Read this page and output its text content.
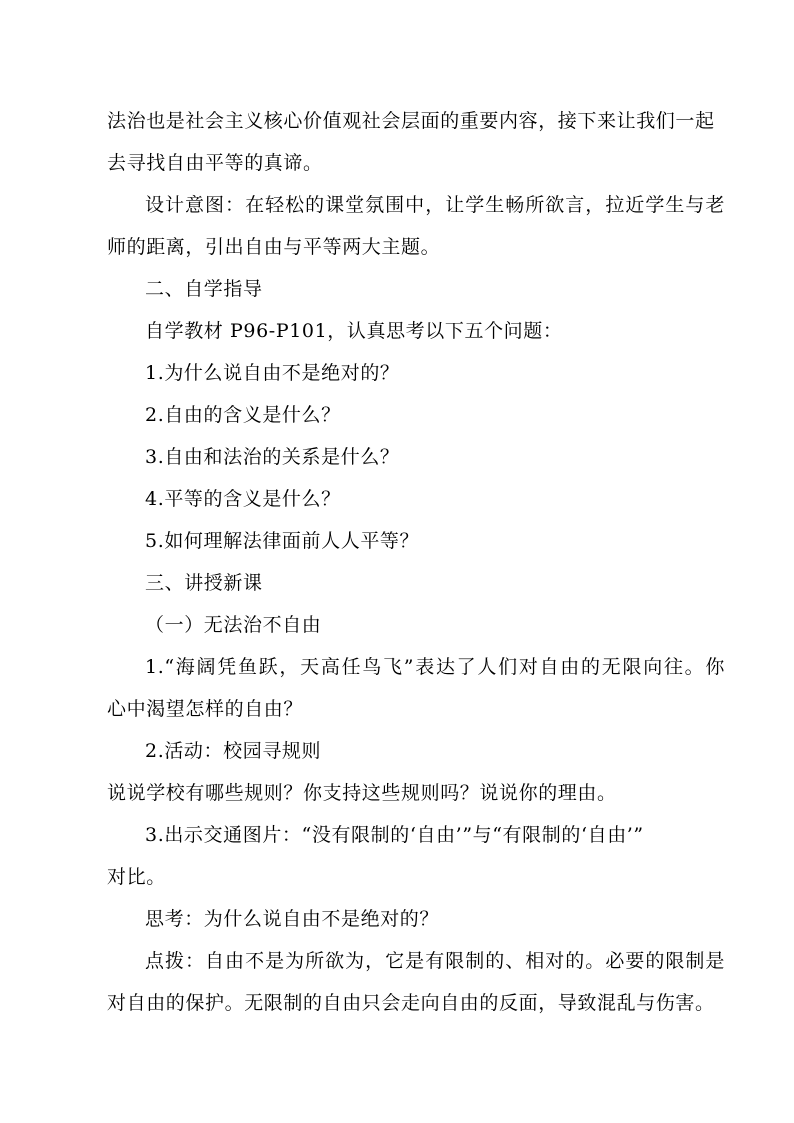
法治也是社会主义核心价值观社会层面的重要内容，接下来让我们一起
去寻找自由平等的真谛。
设计意图：在轻松的课堂氛围中，让学生畅所欲言，拉近学生与老
师的距离，引出自由与平等两大主题。
二、自学指导
自学教材 P96-P101，认真思考以下五个问题：
1.为什么说自由不是绝对的？
2.自由的含义是什么？
3.自由和法治的关系是什么？
4.平等的含义是什么？
5.如何理解法律面前人人平等？
三、讲授新课
（一）无法治不自由
1.“海阔凭鱼跃，天高任鸟飞”表达了人们对自由的无限向往。你
心中渴望怎样的自由？
2.活动：校园寻规则
说说学校有哪些规则？你支持这些规则吗？说说你的理由。
3.出示交通图片：“没有限制的‘自由’”与“有限制的‘自由’”
对比。
思考：为什么说自由不是绝对的？
点拨：自由不是为所欲为，它是有限制的、相对的。必要的限制是
对自由的保护。无限制的自由只会走向自由的反面，导致混乱与伤害。
